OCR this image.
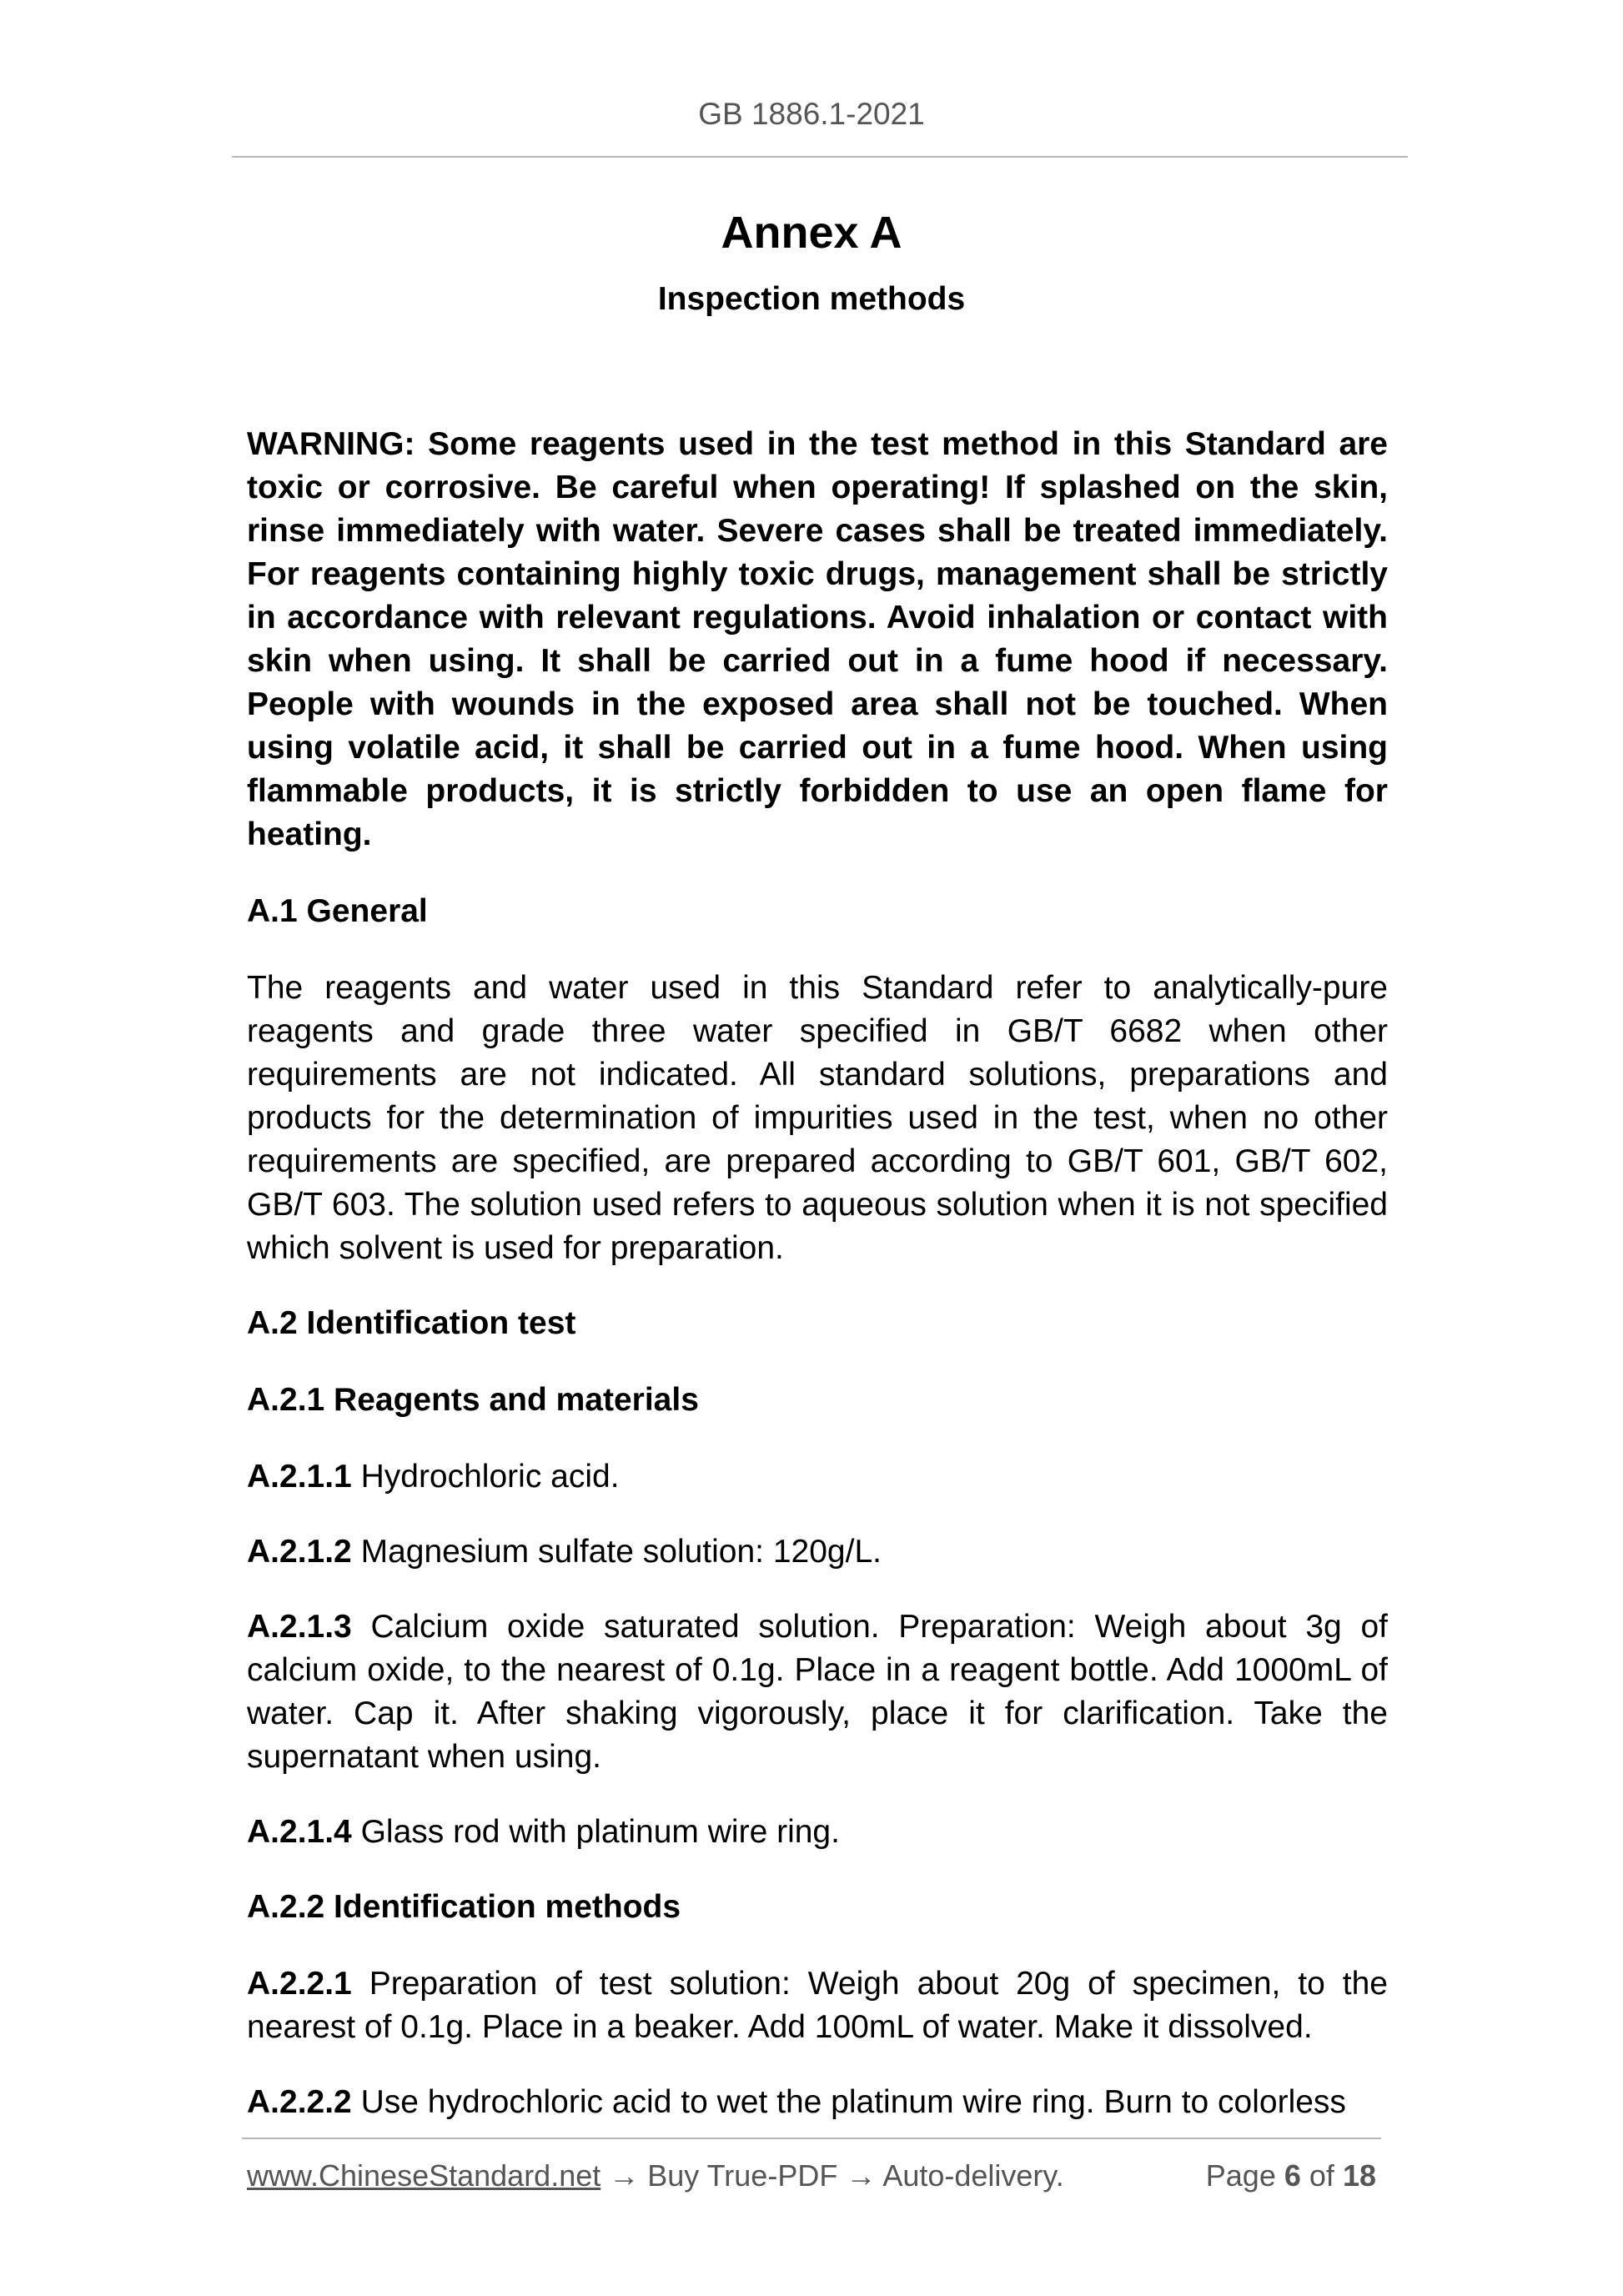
GB 1886.1-2021
Annex A
Inspection methods

WARNING: Some reagents used in the test method in this Standard are toxic or corrosive. Be careful when operating! If splashed on the skin, rinse immediately with water. Severe cases shall be treated immediately. For reagents containing highly toxic drugs, management shall be strictly in accordance with relevant regulations. Avoid inhalation or contact with skin when using. It shall be carried out in a fume hood if necessary. People with wounds in the exposed area shall not be touched. When using volatile acid, it shall be carried out in a fume hood. When using flammable products, it is strictly forbidden to use an open flame for heating.

A.1 General

The reagents and water used in this Standard refer to analytically-pure reagents and grade three water specified in GB/T 6682 when other requirements are not indicated. All standard solutions, preparations and products for the determination of impurities used in the test, when no other requirements are specified, are prepared according to GB/T 601, GB/T 602, GB/T 603. The solution used refers to aqueous solution when it is not specified which solvent is used for preparation.

A.2 Identification test
A.2.1 Reagents and materials

A.2.1.1 Hydrochloric acid.

A.2.1.2 Magnesium sulfate solution: 120g/L.

A.2.1.3 Calcium oxide saturated solution. Preparation: Weigh about 3g of calcium oxide, to the nearest of 0.1g. Place in a reagent bottle. Add 1000mL of water. Cap it. After shaking vigorously, place it for clarification. Take the supernatant when using.

A.2.1.4 Glass rod with platinum wire ring.

A.2.2 Identification methods

A.2.2.1 Preparation of test solution: Weigh about 20g of specimen, to the nearest of 0.1g. Place in a beaker. Add 100mL of water. Make it dissolved.

A.2.2.2 Use hydrochloric acid to wet the platinum wire ring. Burn to colorless

www.ChineseStandard.net → Buy True-PDF → Auto-delivery.	Page 6 of 18
